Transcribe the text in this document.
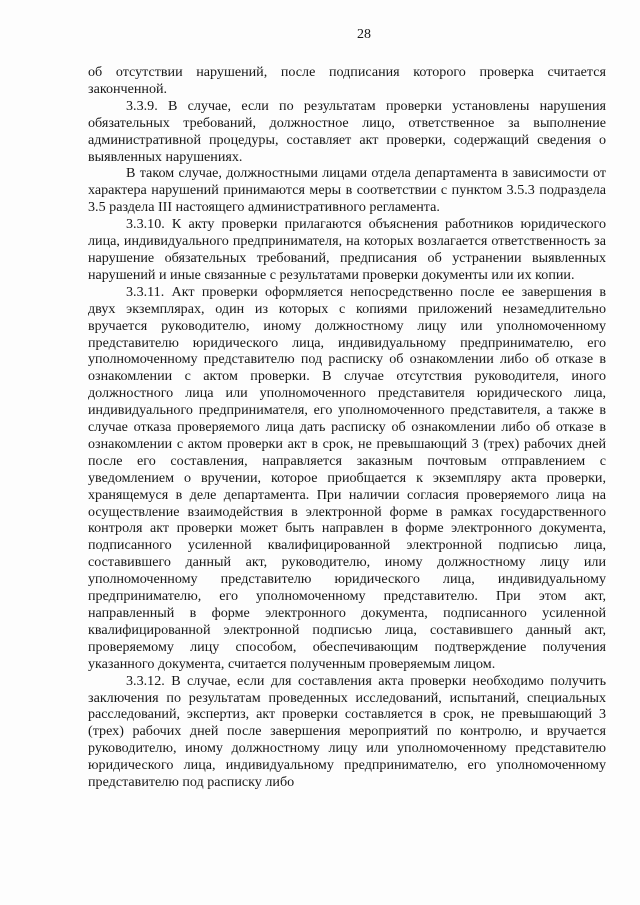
28

об отсутствии нарушений, после подписания которого проверка считается законченной.

3.3.9. В случае, если по результатам проверки установлены нарушения обязательных требований, должностное лицо, ответственное за выполнение административной процедуры, составляет акт проверки, содержащий сведения о выявленных нарушениях.

В таком случае, должностными лицами отдела департамента в зависимости от характера нарушений принимаются меры в соответствии с пунктом 3.5.3 подраздела 3.5 раздела III настоящего административного регламента.

3.3.10. К акту проверки прилагаются объяснения работников юридического лица, индивидуального предпринимателя, на которых возлагается ответственность за нарушение обязательных требований, предписания об устранении выявленных нарушений и иные связанные с результатами проверки документы или их копии.

3.3.11. Акт проверки оформляется непосредственно после ее завершения в двух экземплярах, один из которых с копиями приложений незамедлительно вручается руководителю, иному должностному лицу или уполномоченному представителю юридического лица, индивидуальному предпринимателю, его уполномоченному представителю под расписку об ознакомлении либо об отказе в ознакомлении с актом проверки. В случае отсутствия руководителя, иного должностного лица или уполномоченного представителя юридического лица, индивидуального предпринимателя, его уполномоченного представителя, а также в случае отказа проверяемого лица дать расписку об ознакомлении либо об отказе в ознакомлении с актом проверки акт в срок, не превышающий 3 (трех) рабочих дней после его составления, направляется заказным почтовым отправлением с уведомлением о вручении, которое приобщается к экземпляру акта проверки, хранящемуся в деле департамента. При наличии согласия проверяемого лица на осуществление взаимодействия в электронной форме в рамках государственного контроля акт проверки может быть направлен в форме электронного документа, подписанного усиленной квалифицированной электронной подписью лица, составившего данный акт, руководителю, иному должностному лицу или уполномоченному представителю юридического лица, индивидуальному предпринимателю, его уполномоченному представителю. При этом акт, направленный в форме электронного документа, подписанного усиленной квалифицированной электронной подписью лица, составившего данный акт, проверяемому лицу способом, обеспечивающим подтверждение получения указанного документа, считается полученным проверяемым лицом.

3.3.12. В случае, если для составления акта проверки необходимо получить заключения по результатам проведенных исследований, испытаний, специальных расследований, экспертиз, акт проверки составляется в срок, не превышающий 3 (трех) рабочих дней после завершения мероприятий по контролю, и вручается руководителю, иному должностному лицу или уполномоченному представителю юридического лица, индивидуальному предпринимателю, его уполномоченному представителю под расписку либо
